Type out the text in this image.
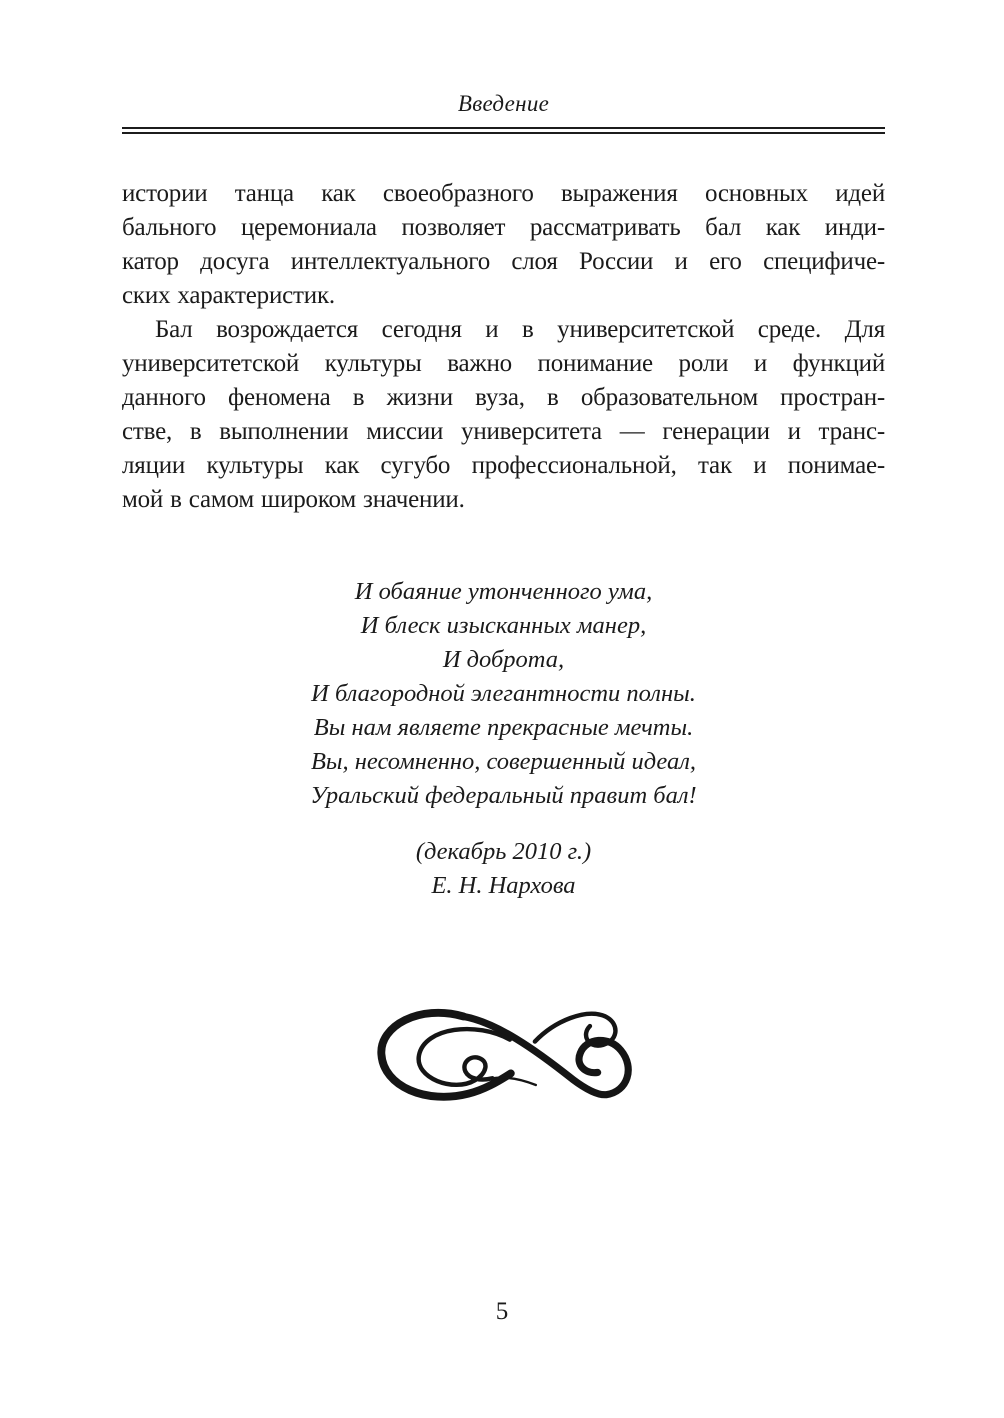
Введение
истории танца как своеобразного выражения основных идей
бального церемониала позволяет рассматривать бал как инди-
катор досуга интеллектуального слоя России и его специфиче-
ских характеристик.
Бал возрождается сегодня и в университетской среде. Для
университетской культуры важно понимание роли и функций
данного феномена в жизни вуза, в образовательном простран-
стве, в выполнении миссии университета — генерации и транс-
ляции культуры как сугубо профессиональной, так и понимае-
мой в самом широком значении.
И обаяние утонченного ума,
И блеск изысканных манер,
И доброта,
И благородной элегантности полны.
Вы нам являете прекрасные мечты.
Вы, несомненно, совершенный идеал,
Уральский федеральный правит бал!
(декабрь 2010 г.)
Е. Н. Нархова
5
